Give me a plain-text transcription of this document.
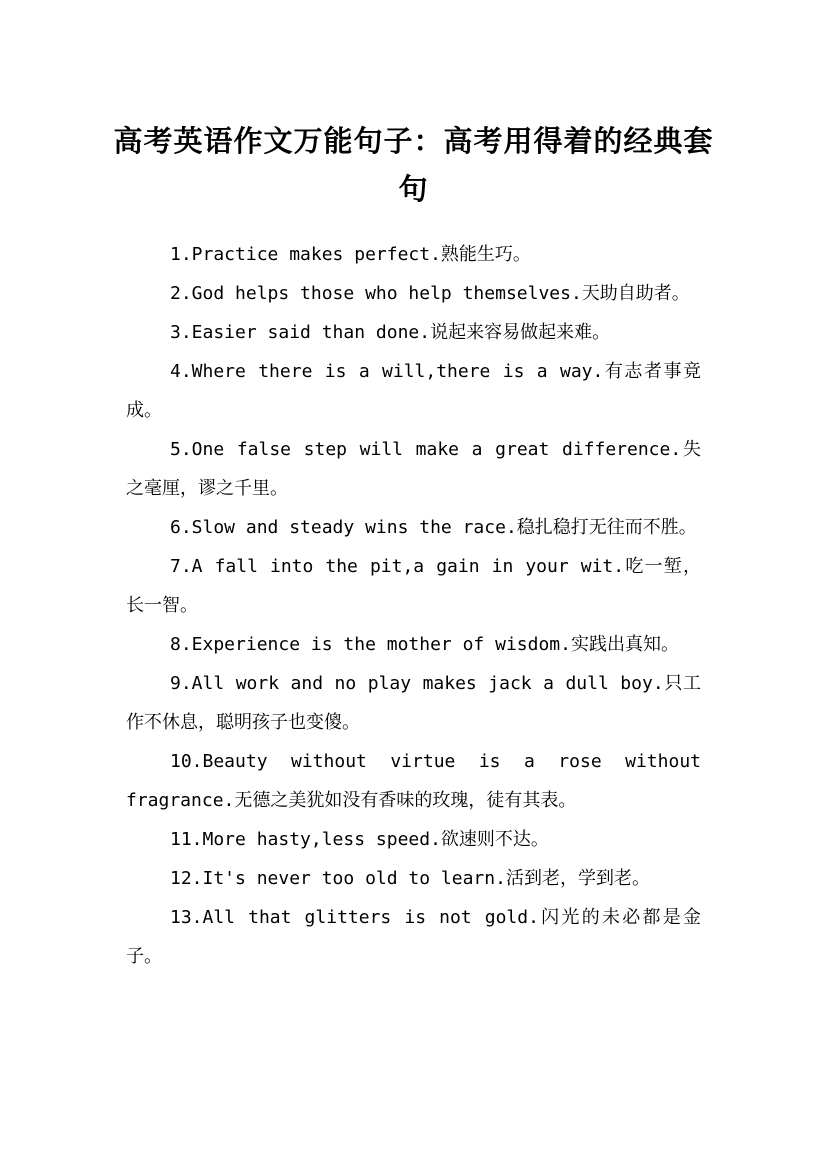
高考英语作文万能句子：高考用得着的经典套句

1.Practice makes perfect.熟能生巧。

2.God helps those who help themselves.天助自助者。

3.Easier said than done.说起来容易做起来难。

4.Where there is a will,there is a way.有志者事竟成。

5.One false step will make a great difference.失之毫厘，谬之千里。

6.Slow and steady wins the race.稳扎稳打无往而不胜。

7.A fall into the pit,a gain in your wit.吃一堑，长一智。

8.Experience is the mother of wisdom.实践出真知。

9.All work and no play makes jack a dull boy.只工作不休息，聪明孩子也变傻。

10.Beauty without virtue is a rose without fragrance.无德之美犹如没有香味的玫瑰，徒有其表。

11.More hasty,less speed.欲速则不达。

12.It's never too old to learn.活到老，学到老。

13.All that glitters is not gold.闪光的未必都是金子。
